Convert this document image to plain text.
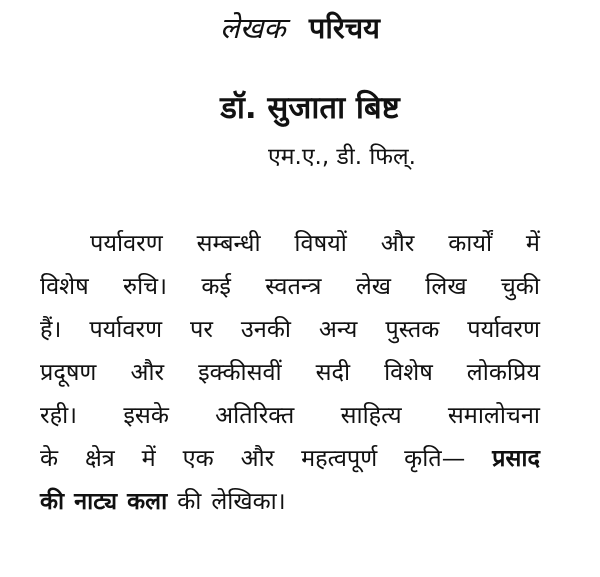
लेखक परिचय
डॉ. सुजाता बिष्ट
एम.ए., डी. फिल्.
पर्यावरण सम्बन्धी विषयों और कार्यों में
विशेष रुचि। कई स्वतन्त्र लेख लिख चुकी
हैं। पर्यावरण पर उनकी अन्य पुस्तक पर्यावरण
प्रदूषण और इक्कीसवीं सदी विशेष लोकप्रिय
रही। इसके अतिरिक्त साहित्य समालोचना
के क्षेत्र में एक और महत्वपूर्ण कृति— प्रसाद
की नाट्य कला की लेखिका।
